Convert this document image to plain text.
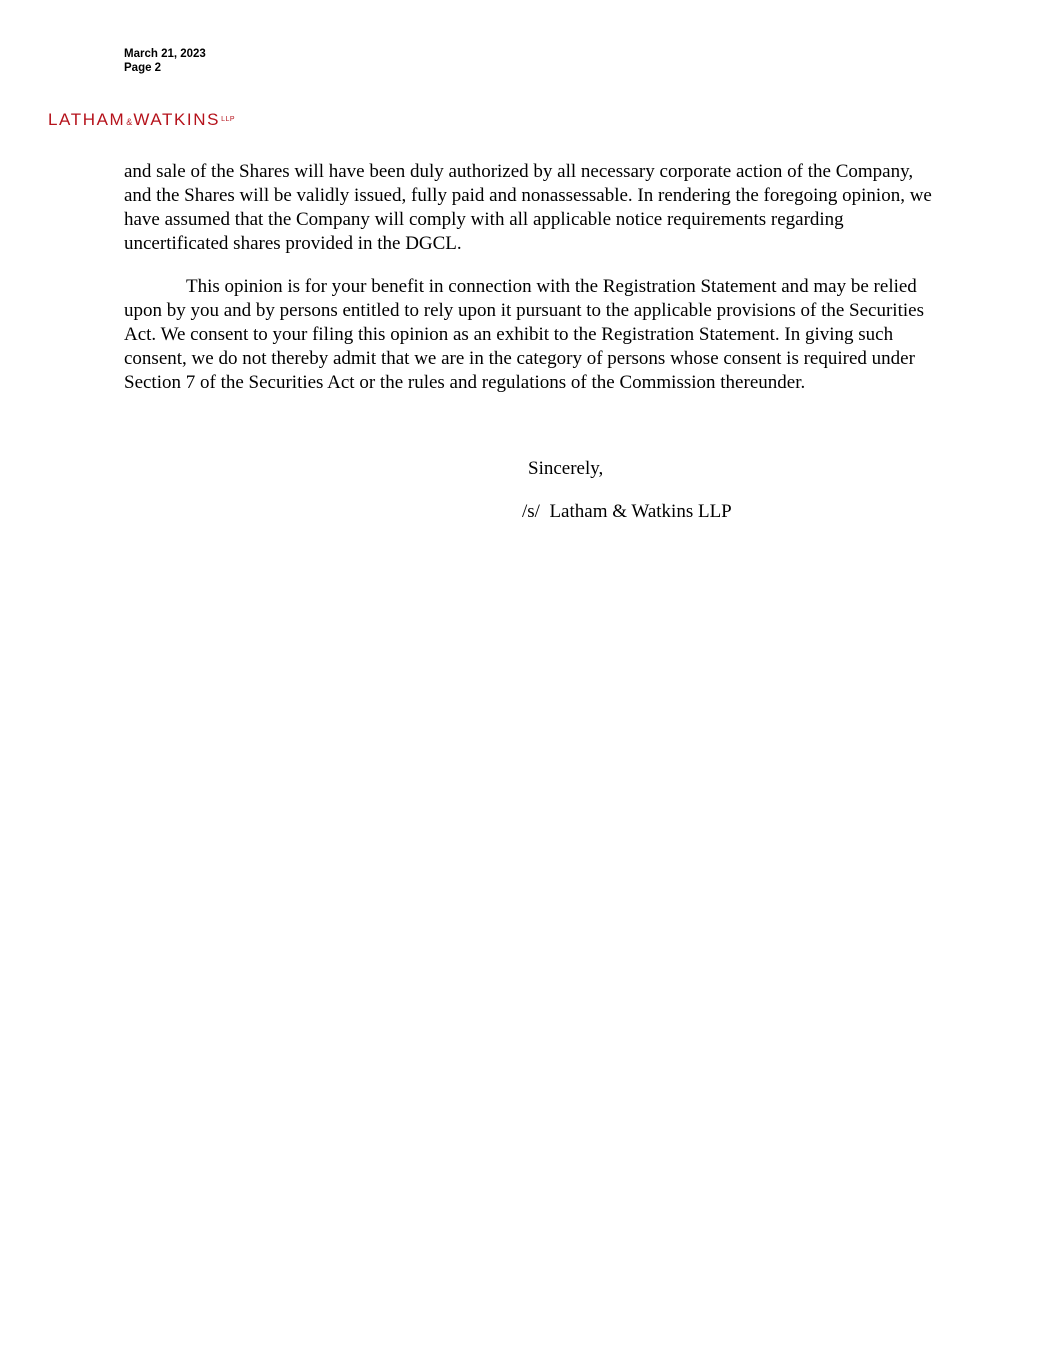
March 21, 2023
Page 2
$LATHAM\&WATKINS^{LLP}$

and sale of the Shares will have been duly authorized by all necessary corporate action of the Company, and the Shares will be validly issued, fully paid and nonassessable. In rendering the foregoing opinion, we have assumed that the Company will comply with all applicable notice requirements regarding uncertificated shares provided in the DGCL.

This opinion is for your benefit in connection with the Registration Statement and may be relied upon by you and by persons entitled to rely upon it pursuant to the applicable provisions of the Securities Act. We consent to your filing this opinion as an exhibit to the Registration Statement. In giving such consent, we do not thereby admit that we are in the category of persons whose consent is required under Section 7 of the Securities Act or the rules and regulations of the Commission thereunder.

Sincerely,
/s/  Latham & Watkins LLP
